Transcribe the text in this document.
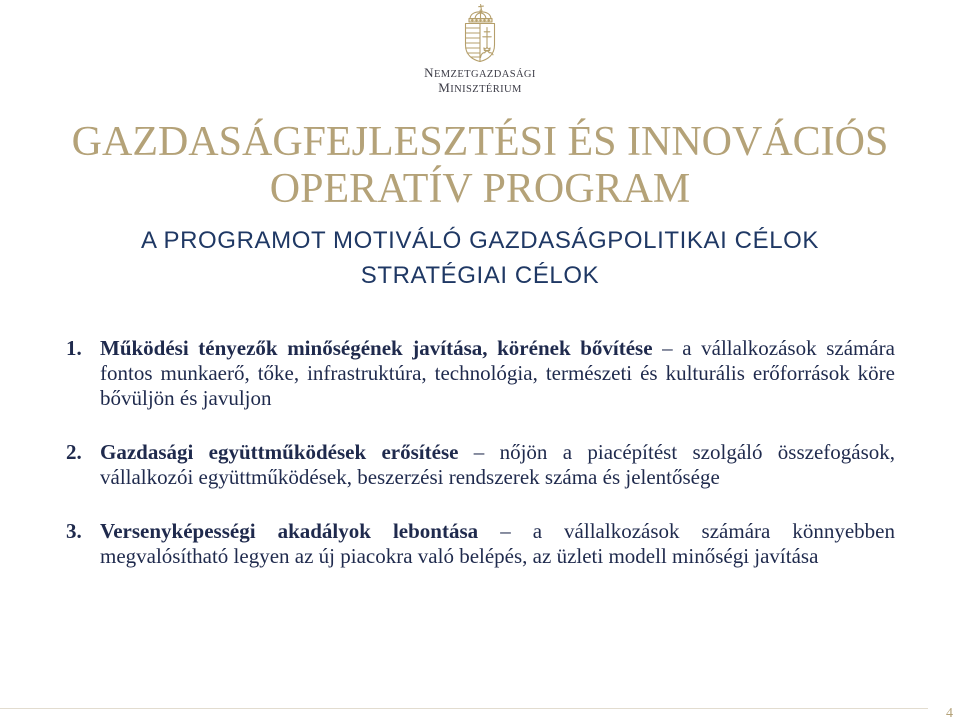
NEMZETGAZDASÁGI
MINISZTÉRIUM
GAZDASÁGFEJLESZTÉSI ÉS INNOVÁCIÓS
OPERATÍV PROGRAM
A PROGRAMOT MOTIVÁLÓ GAZDASÁGPOLITIKAI CÉLOK
STRATÉGIAI CÉLOK
1. Működési tényezők minőségének javítása, körének bővítése – a vállalkozások számára fontos munkaerő, tőke, infrastruktúra, technológia, természeti és kulturális erőforrások köre bővüljön és javuljon
2. Gazdasági együttműködések erősítése – nőjön a piacépítést szolgáló összefogások, vállalkozói együttműködések, beszerzési rendszerek száma és jelentősége
3. Versenyképességi akadályok lebontása – a vállalkozások számára könnyebben megvalósítható legyen az új piacokra való belépés, az üzleti modell minőségi javítása
4
